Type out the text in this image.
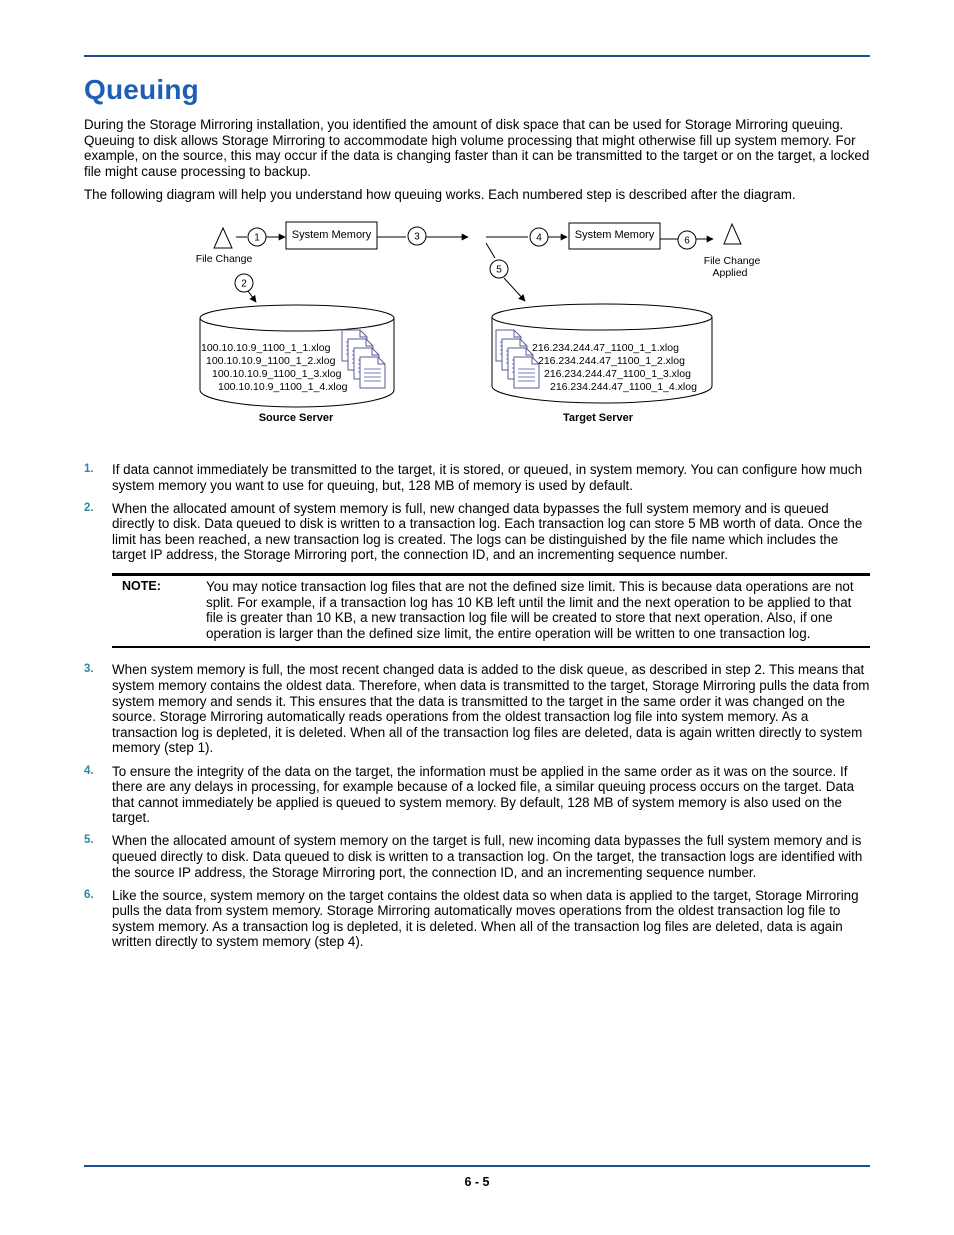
Queuing

During the Storage Mirroring installation, you identified the amount of disk space that can be used for Storage Mirroring queuing. Queuing to disk allows Storage Mirroring to accommodate high volume processing that might otherwise fill up system memory. For example, on the source, this may occur if the data is changing faster than it can be transmitted to the target or on the target, a locked file might cause processing to backup.

The following diagram will help you understand how queuing works. Each numbered step is described after the diagram.

File Change
1	System Memory	3
2
4	System Memory	6
File Change
Applied
5
100.10.10.9_1100_1_1.xlog
100.10.10.9_1100_1_2.xlog
100.10.10.9_1100_1_3.xlog
100.10.10.9_1100_1_4.xlog
Source Server
216.234.244.47_1100_1_1.xlog
216.234.244.47_1100_1_2.xlog
216.234.244.47_1100_1_3.xlog
216.234.244.47_1100_1_4.xlog
Target Server
1. If data cannot immediately be transmitted to the target, it is stored, or queued, in system memory. You can configure how much system memory you want to use for queuing, but, 128 MB of memory is used by default.
2. When the allocated amount of system memory is full, new changed data bypasses the full system memory and is queued directly to disk. Data queued to disk is written to a transaction log. Each transaction log can store 5 MB worth of data. Once the limit has been reached, a new transaction log is created. The logs can be distinguished by the file name which includes the target IP address, the Storage Mirroring port, the connection ID, and an incrementing sequence number.
NOTE:	You may notice transaction log files that are not the defined size limit. This is because data operations are not split. For example, if a transaction log has 10 KB left until the limit and the next operation to be applied to that file is greater than 10 KB, a new transaction log file will be created to store that next operation. Also, if one operation is larger than the defined size limit, the entire operation will be written to one transaction log.
3. When system memory is full, the most recent changed data is added to the disk queue, as described in step 2. This means that system memory contains the oldest data. Therefore, when data is transmitted to the target, Storage Mirroring pulls the data from system memory and sends it. This ensures that the data is transmitted to the target in the same order it was changed on the source. Storage Mirroring automatically reads operations from the oldest transaction log file into system memory. As a transaction log is depleted, it is deleted. When all of the transaction log files are deleted, data is again written directly to system memory (step 1).
4. To ensure the integrity of the data on the target, the information must be applied in the same order as it was on the source. If there are any delays in processing, for example because of a locked file, a similar queuing process occurs on the target. Data that cannot immediately be applied is queued to system memory. By default, 128 MB of system memory is also used on the target.
5. When the allocated amount of system memory on the target is full, new incoming data bypasses the full system memory and is queued directly to disk. Data queued to disk is written to a transaction log. On the target, the transaction logs are identified with the source IP address, the Storage Mirroring port, the connection ID, and an incrementing sequence number.
6. Like the source, system memory on the target contains the oldest data so when data is applied to the target, Storage Mirroring pulls the data from system memory. Storage Mirroring automatically moves operations from the oldest transaction log file to system memory. As a transaction log is depleted, it is deleted. When all of the transaction log files are deleted, data is again written directly to system memory (step 4).
6 - 5
